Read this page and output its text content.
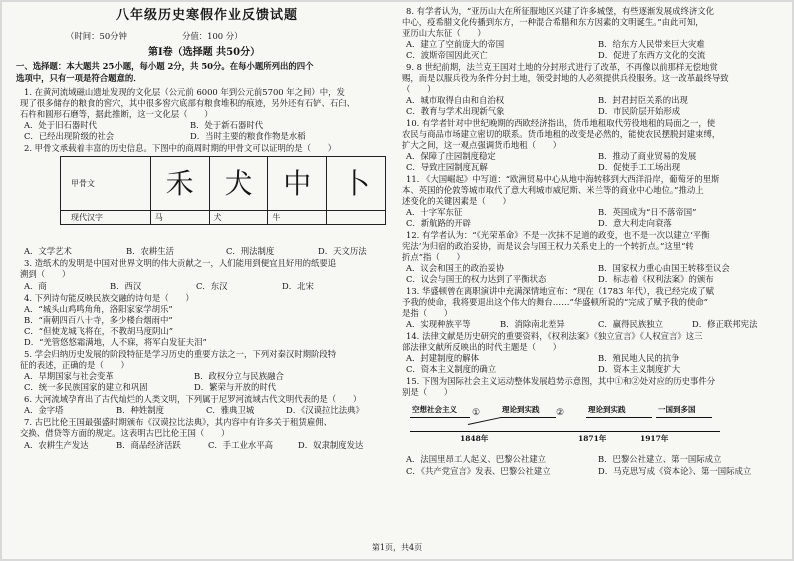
八年级历史寒假作业反馈试题
（时间：50分钟	分值：100 分）
第Ⅰ卷（选择题 共50分）
一、选择题：本大题共 25小题，每小题 2分，共 50分。在每小题所列出的四个
选项中，只有一项是符合题意的．
1. 在黄河流域磁山遗址发现的文化层（公元前 6000 年到公元前5700 年之间）中，发
现了很多储存的粮食的窖穴，其中很多窖穴底部有粮食堆积的痕迹，另外还有石铲、石臼、
石杵和圆形石磨等，据此推断，这一文化层（　　）
A．处于旧石器时代	B．处于新石器时代
C．已经出现阶级的社会	D．当时主要的粮食作物是水稻
2. 甲骨文承载着丰富的历史信息。下图中的商周时期的甲骨文可以证明的是（　　）
甲骨文	禾	犬	中	卜
现代汉字	马	犬	牛	
A．文学艺术	B．农耕生活	C．刑法制度	D．天文历法
3. 造纸术的发明是中国对世界文明的伟大贡献之一，人们能用到便宜且好用的纸要追
溯到（　　）
A．商	B．西汉	C．东汉	D．北宋
4. 下列诗句能反映民族交融的诗句是（　　）
A．“城头山鸡鸣角角，洛阳家家学胡乐”
B．“南朝四百八十寺，多少楼台烟雨中”
C．“但使龙城飞将在，不教胡马度阴山”
D．“羌管悠悠霜满地，人不寐，将军白发征夫泪”
5. 学会归纳历史发展的阶段特征是学习历史的重要方法之一，下列对秦汉时期阶段特
征的表述，正确的是（　　）
A．早期国家与社会变革	B．政权分立与民族融合
C．统一多民族国家的建立和巩固	D．繁荣与开放的时代
6. 大河流域孕育出了古代灿烂的人类文明，下列属于尼罗河流域古代文明代表的是（　　）
A．金字塔	B．种姓制度	C．雅典卫城	D．《汉谟拉比法典》
7. 古巴比伦王国最强盛时期颁布《汉谟拉比法典》，其内容中有许多关于租赁雇佣、
交换、借贷等方面的规定。这表明古巴比伦王国（　　）
A．农耕生产发达	B．商品经济活跃	C．手工业水平高	D．奴隶制度发达
8. 有学者认为，“亚历山大在所征服地区兴建了许多城堡，有些逐渐发展成终济文化
中心，疫希腊文化传播到东方，一种混合希腊和东方因素的文明诞生。”由此可知，
亚历山大东征（　　）
A．建立了空前庞大的帝国	B．给东方人民带来巨大灾难
C．波斯帝国因此灭亡	D．促进了东西方文化的交流
9. 8 世纪前期，法兰克王国对土地的分封形式进行了改革，不再像以前那样无偿地赏
赐，而是以服兵役为条件分封土地，领受封地的人必须提供兵役服务。这一改革最终导致
（　　）
A．城市取得自由和自治权	B．封君封臣关系的出现
C．教育与学术出现新气象	D．市民阶层开始形成
10. 有学者针对中世纪晚期的西欧经济指出，货币地租取代劳役地租的局面之一，使
农民与商品市场建立密切的联系。货币地租的改变是必然的，能使农民摆脱封建束缚，
扩大之间，这一观点强调货币地租（　　）
A．保障了庄园制度稳定	B．推动了商业贸易的发展
C．导致庄园制度瓦解	D．促使手工工场出现
11. 《大国崛起》中写道：“欧洲贸易中心从地中海转移到大西洋沿岸，葡萄牙的里斯
本、英国的伦敦等城市取代了意大利城市威尼斯、米兰等的商业中心地位。”推动上
述变化的关键因素是（　　）
A．十字军东征	B．英国成为“日不落帝国”
C．新航路的开辟	D．意大利走向衰落
12. 有学者认为：“《光荣革命》不是一次抹不足道的政变，也不是一次以建立‘平衡
宪法’为归宿的政治妥协，而是议会与国王权力关系史上的一个转折点。”这里“转
折点”指（　　）
A．议会和国王的政治妥协	B．国家权力重心由国王转移至议会
C．议会与国王的权力达到了平衡状态	D．标志着《权利法案》的颁布
13. 华盛顿曾在离职演讲中充满深情地宣布：“现在（1783 年代），我已经完成了赋
予我的使命，我将要退出这个伟大的舞台……”华盛顿所说的“完成了赋予我的使命”
是指（　　）
A．实现种族平等	B．消除南北差异	C．赢得民族独立	D．修正联邦宪法
14. 法律文献是历史研究的重要资料，《权利法案》《独立宣言》《人权宣言》这三
部法律文献所反映出的时代主题是（　　）
A．封建制度的解体	B．殖民地人民的抗争
C．资本主义制度的确立	D．资本主义制度扩大
15. 下图为国际社会主义运动整体发展趋势示意图，其中①和②处对应的历史事件分
别是（　　）
空想社会主义 ①	理论到实践 ②	理论到实践	一国到多国
1848年	1871年	1917年
A．法国里昂工人起义、巴黎公社建立	B．巴黎公社建立、第一国际成立
C．《共产党宣言》发表、巴黎公社建立	D．马克思写成《资本论》、第一国际成立
第1页，共4页
